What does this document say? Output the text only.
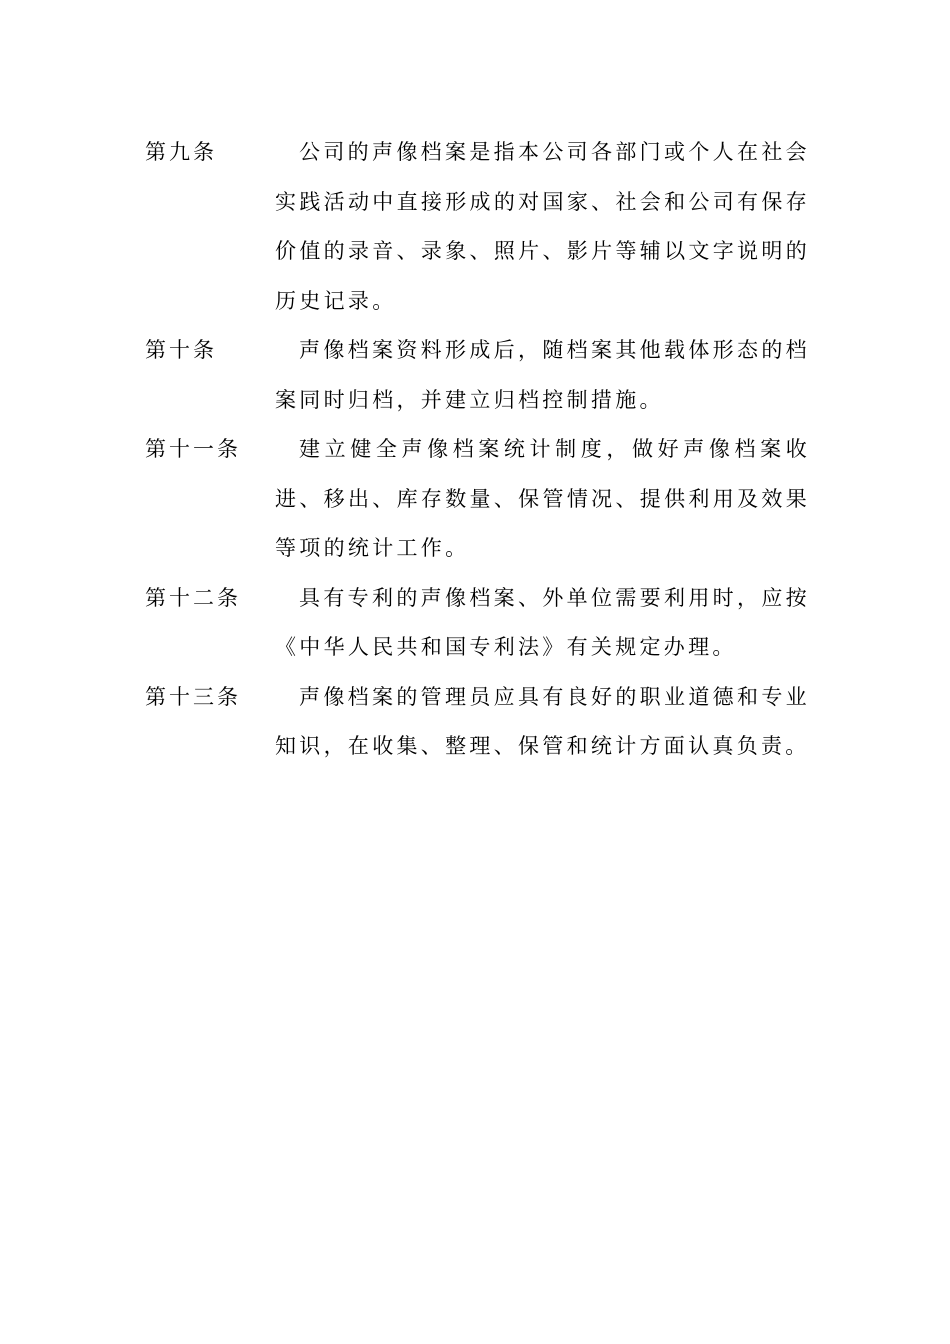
第九条	公司的声像档案是指本公司各部门或个人在社会实践活动中直接形成的对国家、社会和公司有保存价值的录音、录象、照片、影片等辅以文字说明的历史记录。
第十条	声像档案资料形成后，随档案其他载体形态的档案同时归档，并建立归档控制措施。
第十一条	建立健全声像档案统计制度，做好声像档案收进、移出、库存数量、保管情况、提供利用及效果等项的统计工作。
第十二条	具有专利的声像档案、外单位需要利用时，应按《中华人民共和国专利法》有关规定办理。
第十三条	声像档案的管理员应具有良好的职业道德和专业知识，在收集、整理、保管和统计方面认真负责。
